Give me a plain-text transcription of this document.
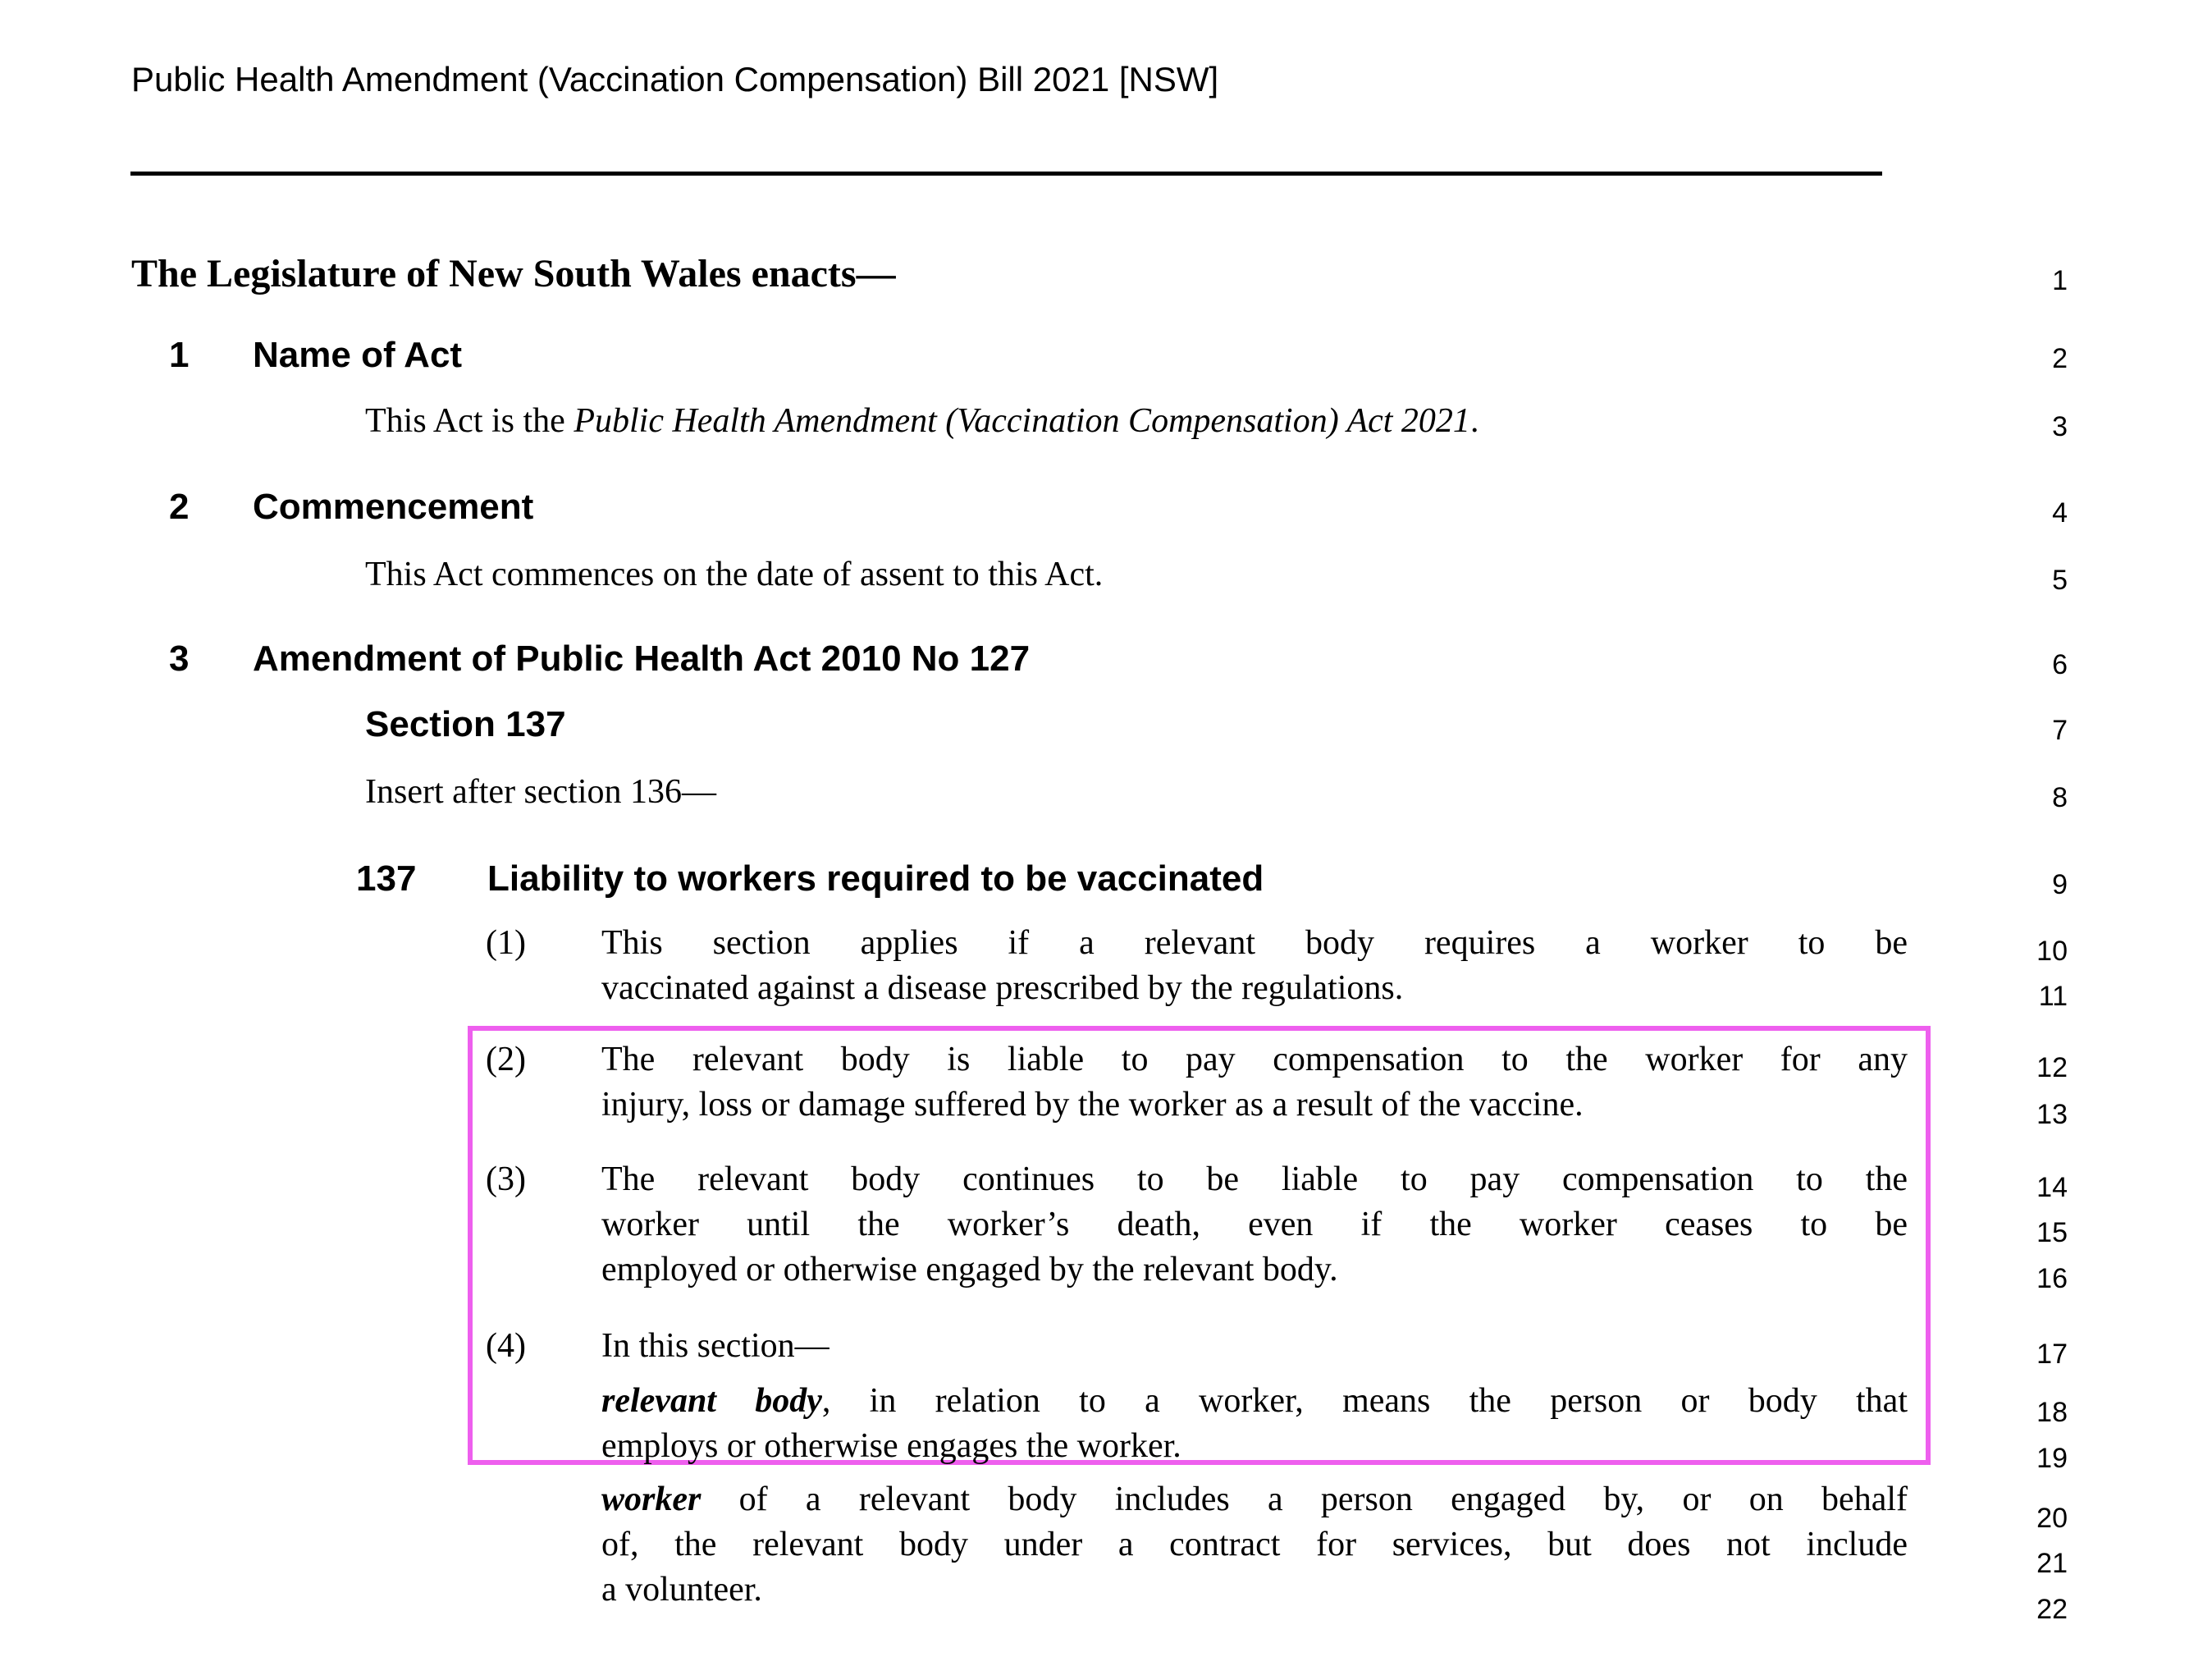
Public Health Amendment (Vaccination Compensation) Bill 2021 [NSW]
The Legislature of New South Wales enacts—
1 Name of Act
This Act is the Public Health Amendment (Vaccination Compensation) Act 2021.
2 Commencement
This Act commences on the date of assent to this Act.
3 Amendment of Public Health Act 2010 No 127
Section 137
Insert after section 136—
137 Liability to workers required to be vaccinated
(1) This section applies if a relevant body requires a worker to be
vaccinated against a disease prescribed by the regulations.
(2) The relevant body is liable to pay compensation to the worker for any
injury, loss or damage suffered by the worker as a result of the vaccine.
(3) The relevant body continues to be liable to pay compensation to the
worker until the worker’s death, even if the worker ceases to be
employed or otherwise engaged by the relevant body.
(4) In this section—
relevant body, in relation to a worker, means the person or body that
employs or otherwise engages the worker.
worker of a relevant body includes a person engaged by, or on behalf
of, the relevant body under a contract for services, but does not include
a volunteer.
1
2
3
4
5
6
7
8
9
10
11
12
13
14
15
16
17
18
19
20
21
22
